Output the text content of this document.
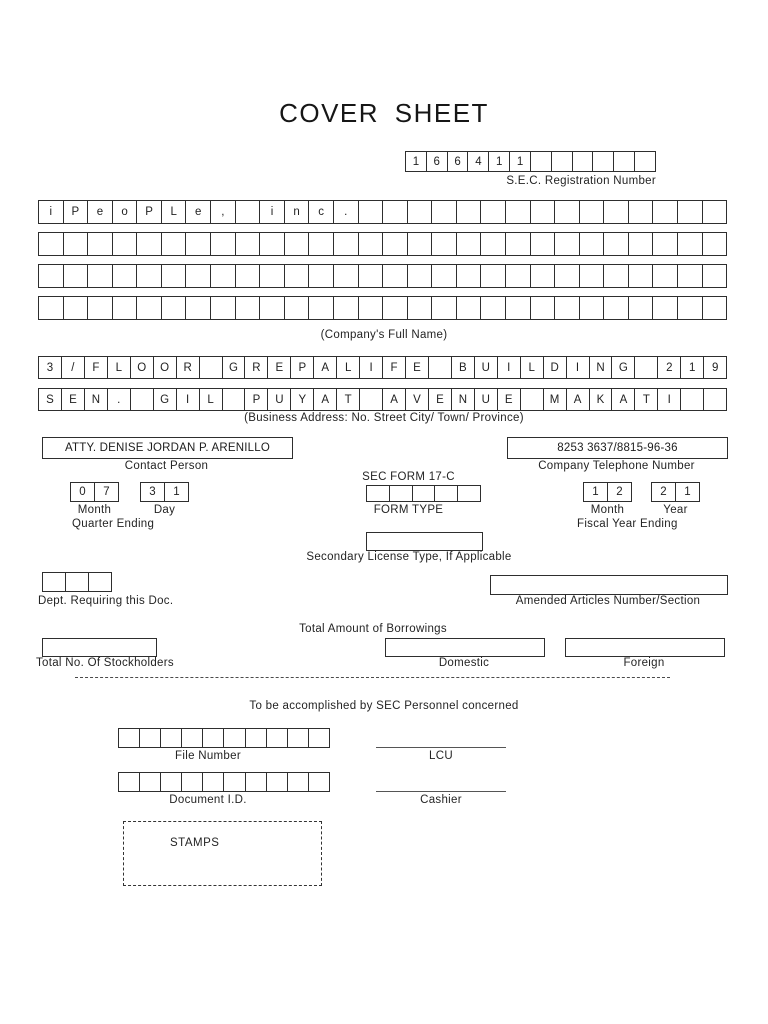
COVER SHEET
1	6	6	4	1	1
S.E.C. Registration Number
i	P	e	o	P	L	e	,	i	n	c	.
(Company's Full Name)
3	/	F	L	O	O	R	G	R	E	P	A	L	I	F	E	B	U	I	L	D	I	N	G	2	1	9
S	E	N	.	G	I	L	P	U	Y	A	T	A	V	E	N	U	E	M	A	K	A	T	I
(Business Address: No. Street City/ Town/ Province)
ATTY. DENISE JORDAN P. ARENILLO
Contact Person
8253 3637/8815-96-36
Company Telephone Number
0	7	3	1
Month	Day
Quarter Ending
SEC FORM 17-C
FORM TYPE
1	2	2	1
Month	Year
Fiscal Year Ending
Secondary License Type, If Applicable
Dept. Requiring this Doc.	Amended Articles Number/Section
Total Amount of Borrowings
Total No. Of Stockholders	Domestic	Foreign
To be accomplished by SEC Personnel concerned
File Number	LCU
Document I.D.	Cashier
STAMPS
